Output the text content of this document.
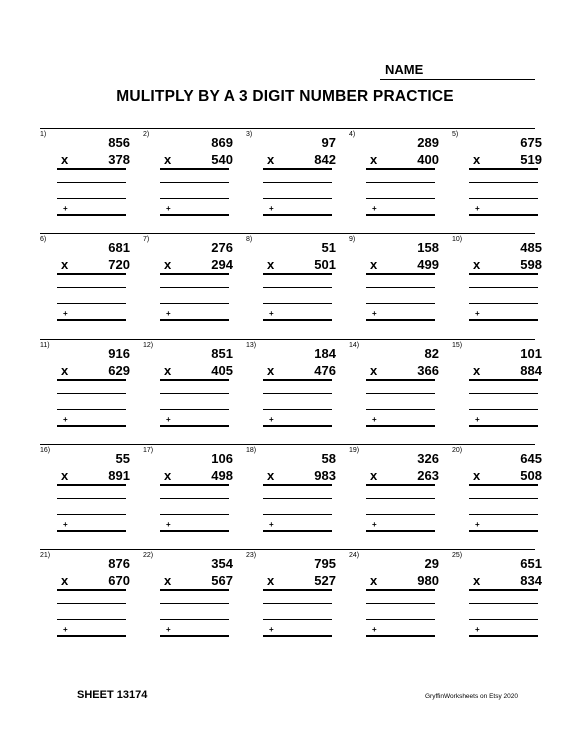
NAME
MULITPLY BY A 3 DIGIT NUMBER PRACTICE
1)
856
x	378
+
2)
869
x	540
+
3)
97
x	842
+
4)
289
x	400
+
5)
675
x	519
+
6)
681
x	720
+
7)
276
x	294
+
8)
51
x	501
+
9)
158
x	499
+
10)
485
x	598
+
11)
916
x	629
+
12)
851
x	405
+
13)
184
x	476
+
14)
82
x	366
+
15)
101
x	884
+
16)
55
x	891
+
17)
106
x	498
+
18)
58
x	983
+
19)
326
x	263
+
20)
645
x	508
+
21)
876
x	670
+
22)
354
x	567
+
23)
795
x	527
+
24)
29
x	980
+
25)
651
x	834
+
SHEET 13174	GryffinWorksheets on Etsy 2020
